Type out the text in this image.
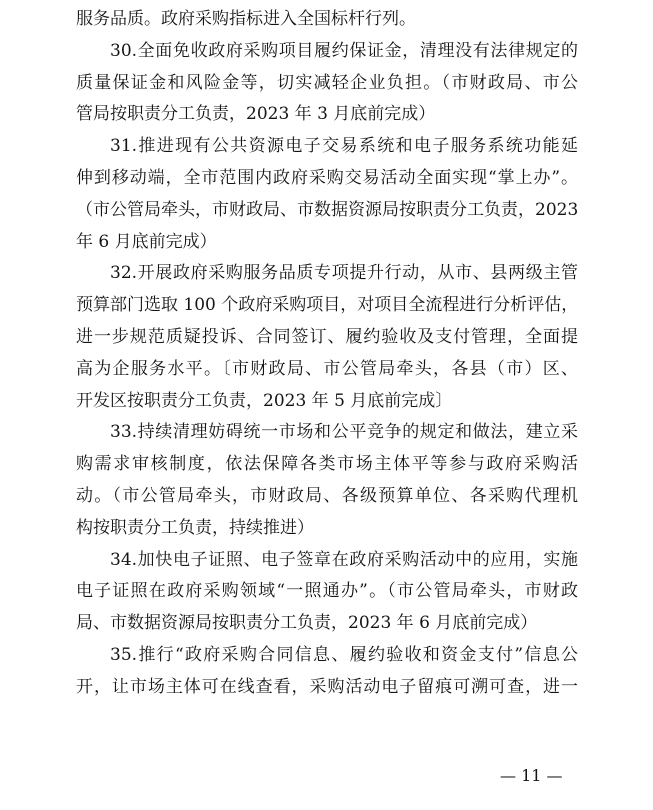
服务品质。政府采购指标进入全国标杆行列。
30.全面免收政府采购项目履约保证金，清理没有法律规定的
质量保证金和风险金等，切实减轻企业负担。（市财政局、市公
管局按职责分工负责，2023 年 3 月底前完成）
31.推进现有公共资源电子交易系统和电子服务系统功能延
伸到移动端，全市范围内政府采购交易活动全面实现“掌上办”。
（市公管局牵头，市财政局、市数据资源局按职责分工负责，2023
年 6 月底前完成）
32.开展政府采购服务品质专项提升行动，从市、县两级主管
预算部门选取 100 个政府采购项目，对项目全流程进行分析评估，
进一步规范质疑投诉、合同签订、履约验收及支付管理，全面提
高为企服务水平。〔市财政局、市公管局牵头，各县（市）区、
开发区按职责分工负责，2023 年 5 月底前完成〕
33.持续清理妨碍统一市场和公平竞争的规定和做法，建立采
购需求审核制度，依法保障各类市场主体平等参与政府采购活
动。（市公管局牵头，市财政局、各级预算单位、各采购代理机
构按职责分工负责，持续推进）
34.加快电子证照、电子签章在政府采购活动中的应用，实施
电子证照在政府采购领域“一照通办”。（市公管局牵头，市财政
局、市数据资源局按职责分工负责，2023 年 6 月底前完成）
35.推行“政府采购合同信息、履约验收和资金支付”信息公
开，让市场主体可在线查看，采购活动电子留痕可溯可查，进一
— 11 —
